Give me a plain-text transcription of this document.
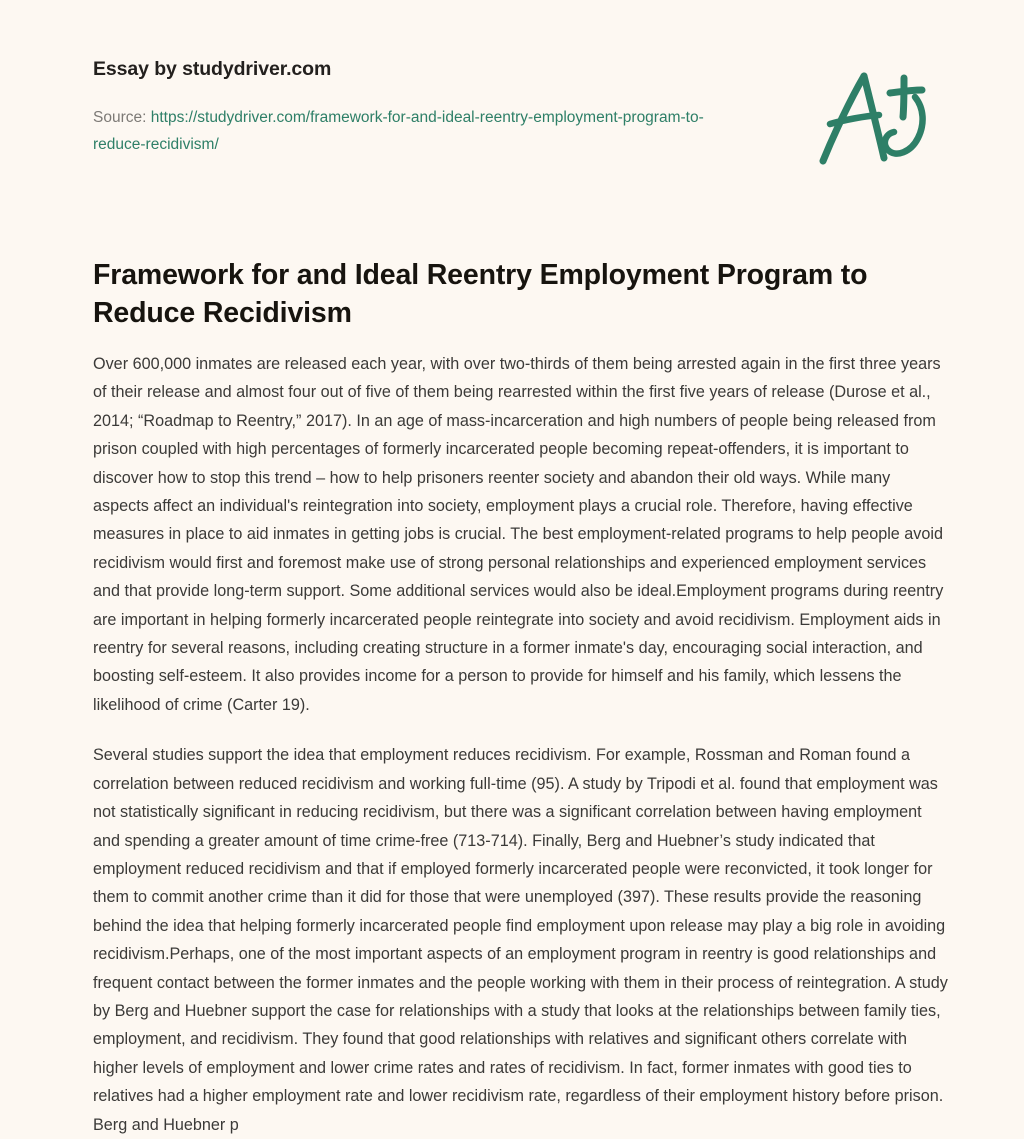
Essay by studydriver.com
Source: https://studydriver.com/framework-for-and-ideal-reentry-employment-program-to-reduce-recidivism/
Framework for and Ideal Reentry Employment Program to Reduce Recidivism

Over 600,000 inmates are released each year, with over two-thirds of them being arrested again in the first three years of their release and almost four out of five of them being rearrested within the first five years of release (Durose et al., 2014; “Roadmap to Reentry,” 2017). In an age of mass-incarceration and high numbers of people being released from prison coupled with high percentages of formerly incarcerated people becoming repeat-offenders, it is important to discover how to stop this trend – how to help prisoners reenter society and abandon their old ways. While many aspects affect an individual's reintegration into society, employment plays a crucial role. Therefore, having effective measures in place to aid inmates in getting jobs is crucial. The best employment-related programs to help people avoid recidivism would first and foremost make use of strong personal relationships and experienced employment services and that provide long-term support. Some additional services would also be ideal.Employment programs during reentry are important in helping formerly incarcerated people reintegrate into society and avoid recidivism. Employment aids in reentry for several reasons, including creating structure in a former inmate's day, encouraging social interaction, and boosting self-esteem. It also provides income for a person to provide for himself and his family, which lessens the likelihood of crime (Carter 19).

Several studies support the idea that employment reduces recidivism. For example, Rossman and Roman found a correlation between reduced recidivism and working full-time (95). A study by Tripodi et al. found that employment was not statistically significant in reducing recidivism, but there was a significant correlation between having employment and spending a greater amount of time crime-free (713-714). Finally, Berg and Huebner’s study indicated that employment reduced recidivism and that if employed formerly incarcerated people were reconvicted, it took longer for them to commit another crime than it did for those that were unemployed (397). These results provide the reasoning behind the idea that helping formerly incarcerated people find employment upon release may play a big role in avoiding recidivism.Perhaps, one of the most important aspects of an employment program in reentry is good relationships and frequent contact between the former inmates and the people working with them in their process of reintegration. A study by Berg and Huebner support the case for relationships with a study that looks at the relationships between family ties, employment, and recidivism. They found that good relationships with relatives and significant others correlate with higher levels of employment and lower crime rates and rates of recidivism. In fact, former inmates with good ties to relatives had a higher employment rate and lower recidivism rate, regardless of their employment history before prison. Berg and Huebner p
